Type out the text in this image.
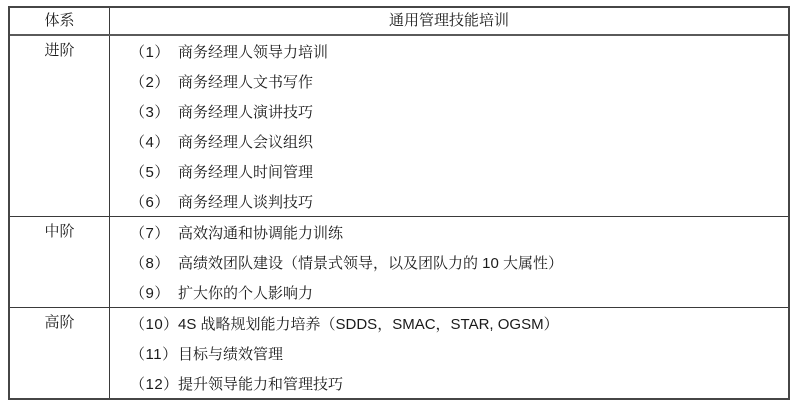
体系	通用管理技能培训
进阶	（1） 商务经理人领导力培训
（2） 商务经理人文书写作
（3） 商务经理人演讲技巧
（4） 商务经理人会议组织
（5） 商务经理人时间管理
（6） 商务经理人谈判技巧
中阶	（7） 高效沟通和协调能力训练
（8） 高绩效团队建设（情景式领导，以及团队力的 10 大属性）
（9） 扩大你的个人影响力
高阶	（10） 4S 战略规划能力培养（SDDS，SMAC，STAR, OGSM）
（11） 目标与绩效管理
（12） 提升领导能力和管理技巧
